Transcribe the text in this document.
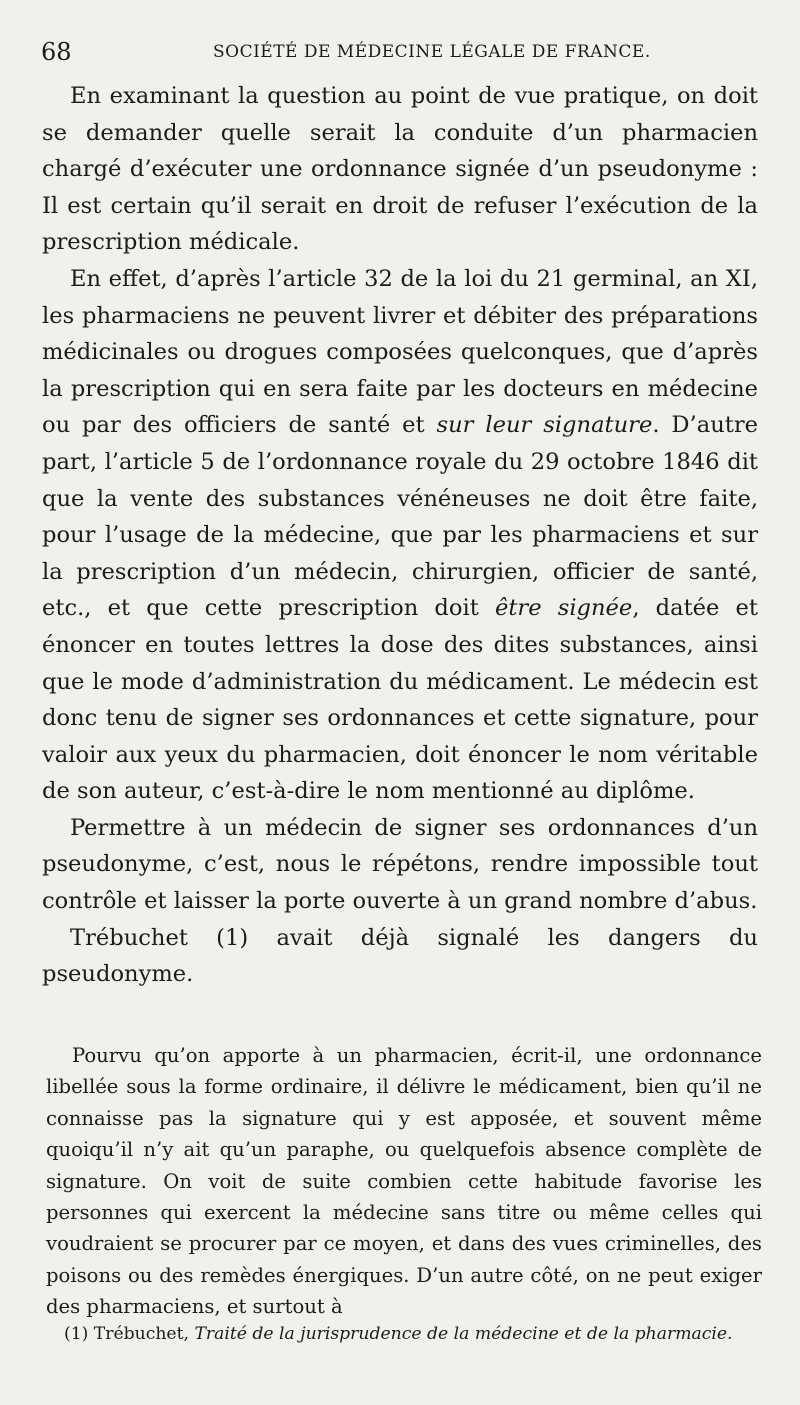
68	SOCIÉTÉ DE MÉDECINE LÉGALE DE FRANCE.

En examinant la question au point de vue pratique, on doit se demander quelle serait la conduite d’un pharmacien chargé d’exécuter une ordonnance signée d’un pseudonyme : Il est certain qu’il serait en droit de refuser l’exécution de la prescription médicale.

En effet, d’après l’article 32 de la loi du 21 germinal, an XI, les pharmaciens ne peuvent livrer et débiter des préparations médicinales ou drogues composées quelconques, que d’après la prescription qui en sera faite par les docteurs en médecine ou par des officiers de santé et sur leur signature. D’autre part, l’article 5 de l’ordonnance royale du 29 octobre 1846 dit que la vente des substances vénéneuses ne doit être faite, pour l’usage de la médecine, que par les pharmaciens et sur la prescription d’un médecin, chirurgien, officier de santé, etc., et que cette prescription doit être signée, datée et énoncer en toutes lettres la dose des dites substances, ainsi que le mode d’administration du médicament. Le médecin est donc tenu de signer ses ordonnances et cette signature, pour valoir aux yeux du pharmacien, doit énoncer le nom véritable de son auteur, c’est-à-dire le nom mentionné au diplôme.

Permettre à un médecin de signer ses ordonnances d’un pseudonyme, c’est, nous le répétons, rendre impossible tout contrôle et laisser la porte ouverte à un grand nombre d’abus.

Trébuchet (1) avait déjà signalé les dangers du pseudonyme.

Pourvu qu’on apporte à un pharmacien, écrit-il, une ordonnance libellée sous la forme ordinaire, il délivre le médicament, bien qu’il ne connaisse pas la signature qui y est apposée, et souvent même quoiqu’il n’y ait qu’un paraphe, ou quelquefois absence complète de signature. On voit de suite combien cette habitude favorise les personnes qui exercent la médecine sans titre ou même celles qui voudraient se procurer par ce moyen, et dans des vues criminelles, des poisons ou des remèdes énergiques. D’un autre côté, on ne peut exiger des pharmaciens, et surtout à

(1) Trébuchet, Traité de la jurisprudence de la médecine et de la pharmacie.
